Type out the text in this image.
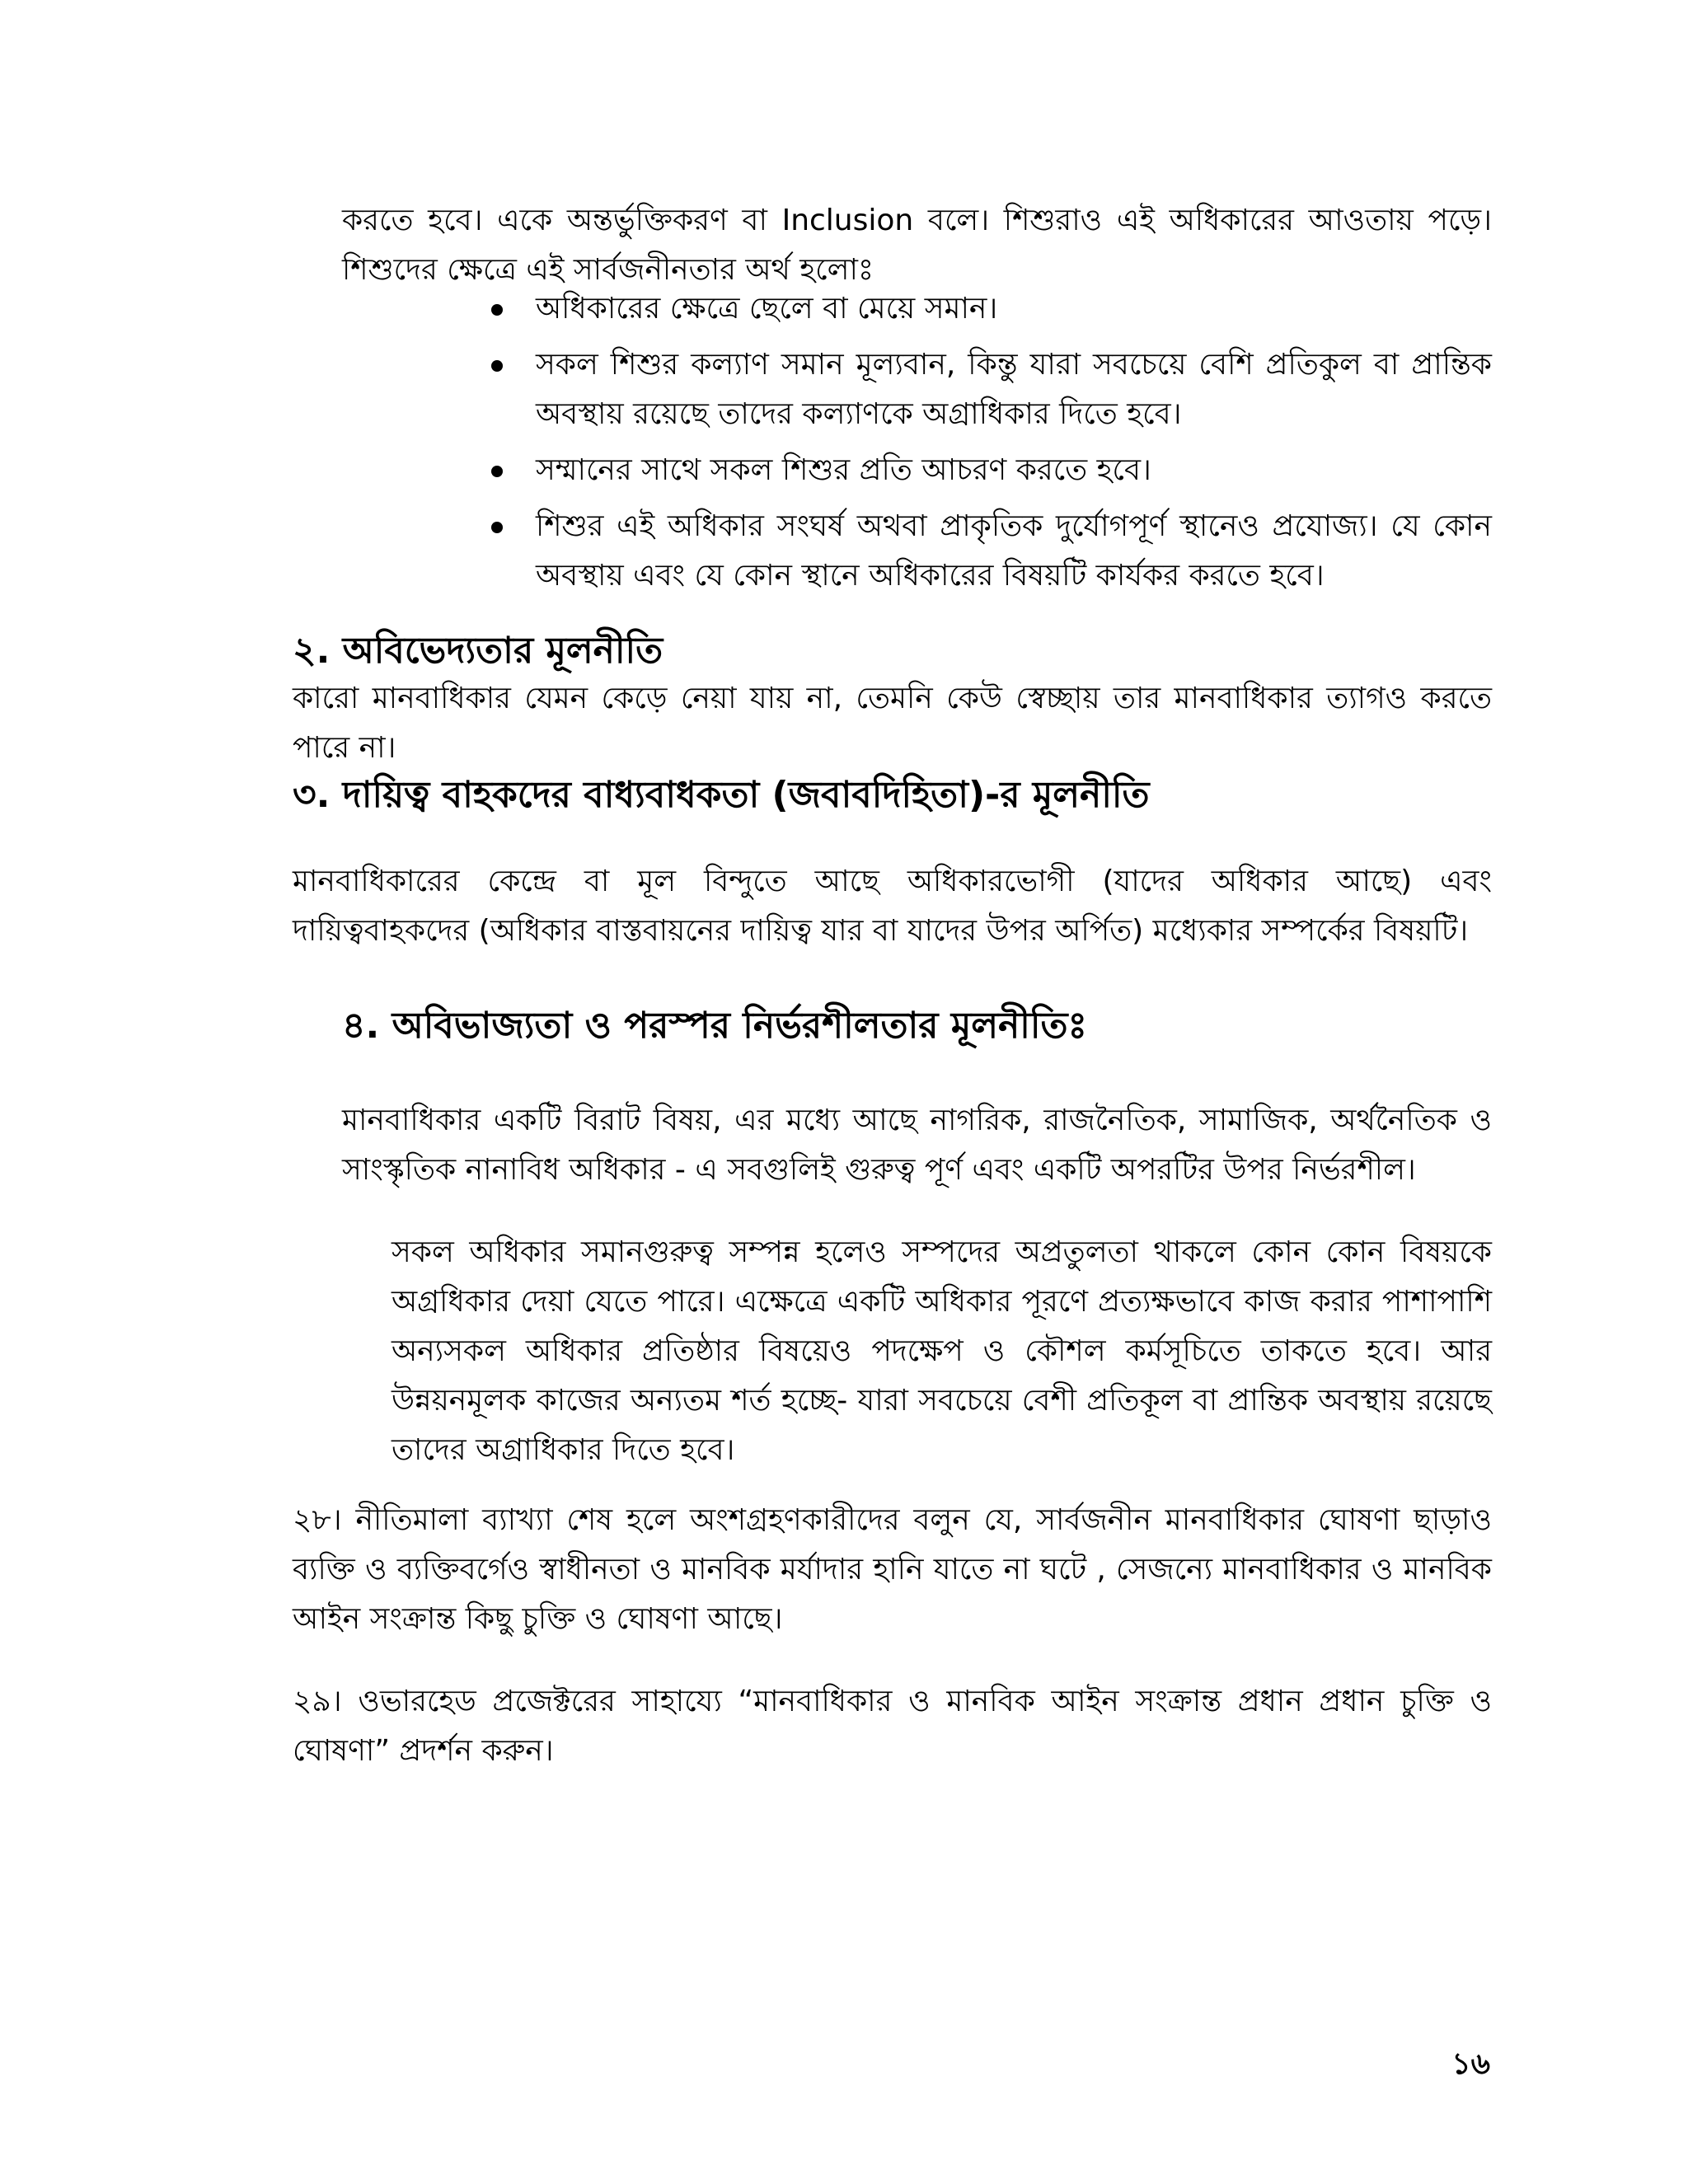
করতে হবে। একে অন্তর্ভুক্তিকরণ বা Inclusion বলে। শিশুরাও এই অধিকারের আওতায় পড়ে। শিশুদের ক্ষেত্রে এই সার্বজনীনতার অর্থ হলোঃ

অধিকারের ক্ষেত্রে ছেলে বা মেয়ে সমান।
সকল শিশুর কল্যাণ সমান মূল্যবান, কিন্তু যারা সবচেয়ে বেশি প্রতিকুল বা প্রান্তিক অবস্থায় রয়েছে তাদের কল্যাণকে অগ্রাধিকার দিতে হবে।
সম্মানের সাথে সকল শিশুর প্রতি আচরণ করতে হবে।
শিশুর এই অধিকার সংঘর্ষ অথবা প্রাকৃতিক দুর্যোগপূর্ণ স্থানেও প্রযোজ্য। যে কোন অবস্থায় এবং যে কোন স্থানে অধিকারের বিষয়টি কার্যকর করতে হবে।
২. অবিভেদ্যতার মূলনীতি

কারো মানবাধিকার যেমন কেড়ে নেয়া যায় না, তেমনি কেউ স্বেচ্ছায় তার মানবাধিকার ত্যাগও করতে পারে না।

৩. দায়িত্ব বাহকদের বাধ্যবাধকতা (জবাবদিহিতা)-র মূলনীতি

মানবাধিকারের কেন্দ্রে বা মূল বিন্দুতে আছে অধিকারভোগী (যাদের অধিকার আছে) এবং দায়িত্ববাহকদের (অধিকার বাস্তবায়নের দায়িত্ব যার বা যাদের উপর অর্পিত) মধ্যেকার সম্পর্কের বিষয়টি।

৪. অবিভাজ্যতা ও পরস্পর নির্ভরশীলতার মূলনীতিঃ

মানবাধিকার একটি বিরাট বিষয়, এর মধ্যে আছে নাগরিক, রাজনৈতিক, সামাজিক, অর্থনৈতিক ও সাংস্কৃতিক নানাবিধ অধিকার - এ সবগুলিই গুরুত্ব পূর্ণ এবং একটি অপরটির উপর নির্ভরশীল।

সকল অধিকার সমানগুরুত্ব সম্পন্ন হলেও সম্পদের অপ্রতুলতা থাকলে কোন কোন বিষয়কে অগ্রধিকার দেয়া যেতে পারে। এক্ষেত্রে একটি অধিকার পূরণে প্রত্যক্ষভাবে কাজ করার পাশাপাশি অন্যসকল অধিকার প্রতিষ্ঠার বিষয়েও পদক্ষেপ ও কৌশল কর্মসূচিতে তাকতে হবে। আর উন্নয়নমূলক কাজের অন্যতম শর্ত হচ্ছে- যারা সবচেয়ে বেশী প্রতিকূল বা প্রান্তিক অবস্থায় রয়েছে তাদের অগ্রাধিকার দিতে হবে।

২৮। নীতিমালা ব্যাখ্যা শেষ হলে অংশগ্রহণকারীদের বলুন যে, সার্বজনীন মানবাধিকার ঘোষণা ছাড়াও ব্যক্তি ও ব্যক্তিবর্গেও স্বাধীনতা ও মানবিক মর্যাদার হানি যাতে না ঘটে , সেজন্যে মানবাধিকার ও মানবিক আইন সংক্রান্ত কিছু চুক্তি ও ঘোষণা আছে।

২৯। ওভারহেড প্রজেক্টরের সাহায্যে “মানবাধিকার ও মানবিক আইন সংক্রান্ত প্রধান প্রধান চুক্তি ও ঘোষণা” প্রদর্শন করুন।

১৬
